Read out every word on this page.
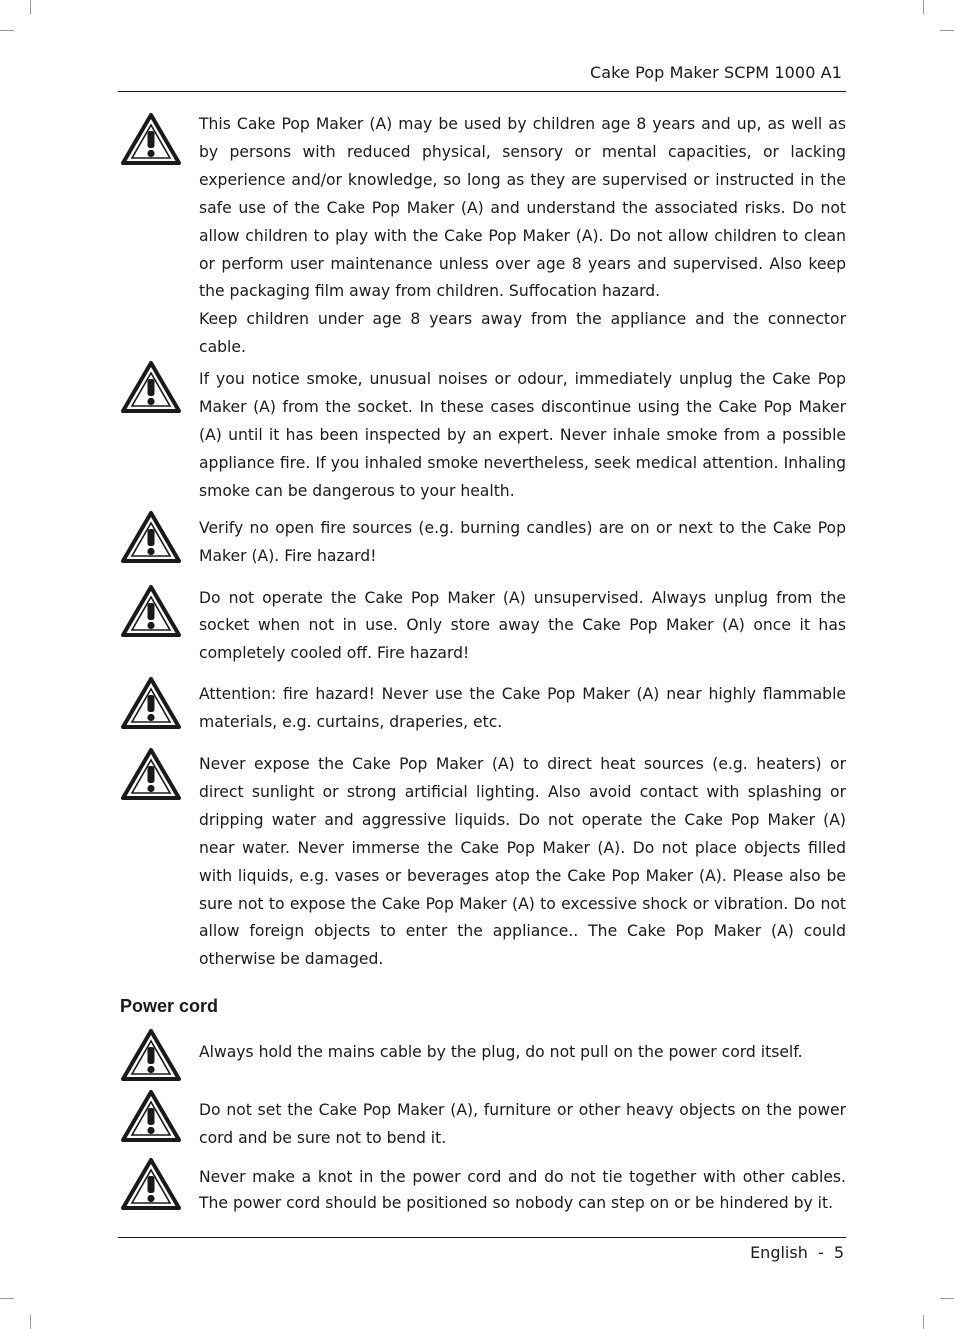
Cake Pop Maker SCPM 1000 A1

This Cake Pop Maker (A) may be used by children age 8 years and up, as well as by persons with reduced physical, sensory or mental capacities, or lacking experience and/or knowledge, so long as they are supervised or instructed in the safe use of the Cake Pop Maker (A) and understand the associated risks. Do not allow children to play with the Cake Pop Maker (A). Do not allow children to clean or perform user maintenance unless over age 8 years and supervised. Also keep the packaging film away from children. Suffocation hazard.

Keep children under age 8 years away from the appliance and the connector cable.

If you notice smoke, unusual noises or odour, immediately unplug the Cake Pop Maker (A) from the socket. In these cases discontinue using the Cake Pop Maker (A) until it has been inspected by an expert. Never inhale smoke from a possible appliance fire. If you inhaled smoke nevertheless, seek medical attention. Inhaling smoke can be dangerous to your health.

Verify no open fire sources (e.g. burning candles) are on or next to the Cake Pop Maker (A). Fire hazard!

Do not operate the Cake Pop Maker (A) unsupervised. Always unplug from the socket when not in use. Only store away the Cake Pop Maker (A) once it has completely cooled off. Fire hazard!

Attention: fire hazard! Never use the Cake Pop Maker (A) near highly flammable materials, e.g. curtains, draperies, etc.

Never expose the Cake Pop Maker (A) to direct heat sources (e.g. heaters) or direct sunlight or strong artificial lighting. Also avoid contact with splashing or dripping water and aggressive liquids. Do not operate the Cake Pop Maker (A) near water. Never immerse the Cake Pop Maker (A). Do not place objects filled with liquids, e.g. vases or beverages atop the Cake Pop Maker (A). Please also be sure not to expose the Cake Pop Maker (A) to excessive shock or vibration. Do not allow foreign objects to enter the appliance.. The Cake Pop Maker (A) could otherwise be damaged.

Power cord

Always hold the mains cable by the plug, do not pull on the power cord itself.

Do not set the Cake Pop Maker (A), furniture or other heavy objects on the power cord and be sure not to bend it.

Never make a knot in the power cord and do not tie together with other cables. The power cord should be positioned so nobody can step on or be hindered by it.

English - 5
